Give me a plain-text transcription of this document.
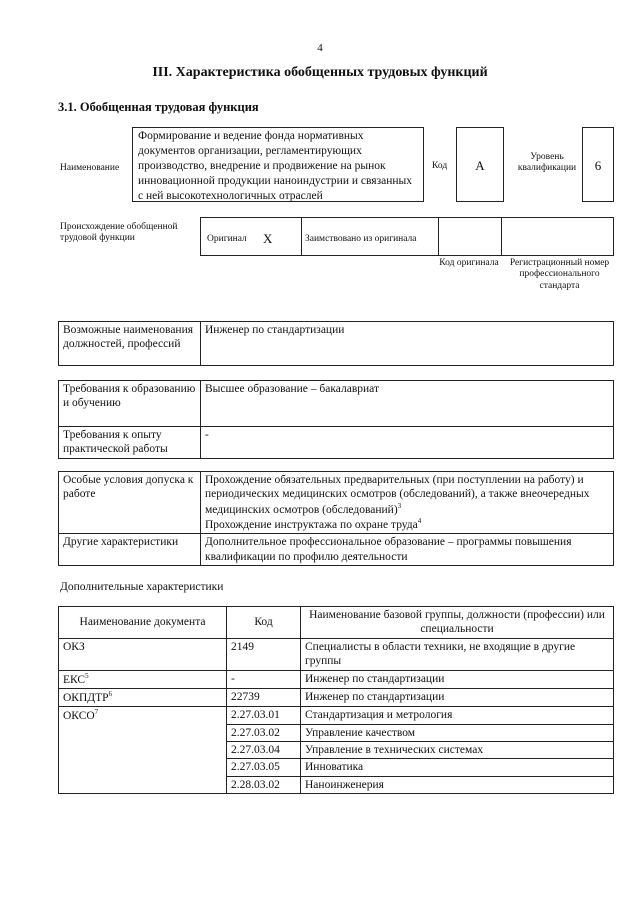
4
III. Характеристика обобщенных трудовых функций
3.1. Обобщенная трудовая функция
Наименование
Формирование и ведение фонда нормативных документов организации, регламентирующих производство, внедрение и продвижение на рынок инновационной продукции наноиндустрии и связанных с ней высокотехнологичных отраслей
Код	A
Уровень квалификации	6
Происхождение обобщенной трудовой функции	Оригинал X	Заимствовано из оригинала
Код оригинала	Регистрационный номер профессионального стандарта
Возможные наименования должностей, профессий	Инженер по стандартизации
Требования к образованию и обучению	Высшее образование – бакалавриат
Требования к опыту практической работы	-
Особые условия допуска к работе	Прохождение обязательных предварительных (при поступлении на работу) и периодических медицинских осмотров (обследований), а также внеочередных медицинских осмотров (обследований)$^3$
Прохождение инструктажа по охране труда$^4$
Другие характеристики	Дополнительное профессиональное образование – программы повышения квалификации по профилю деятельности
Дополнительные характеристики
Наименование документа	Код	Наименование базовой группы, должности (профессии) или специальности
ОКЗ	2149	Специалисты в области техники, не входящие в другие группы
ЕКС$^5$	-	Инженер по стандартизации
ОКПДТР$^6$	22739	Инженер по стандартизации
ОКСО$^7$	2.27.03.01	Стандартизация и метрология
	2.27.03.02	Управление качеством
	2.27.03.04	Управление в технических системах
	2.27.03.05	Инноватика
	2.28.03.02	Наноинженерия
